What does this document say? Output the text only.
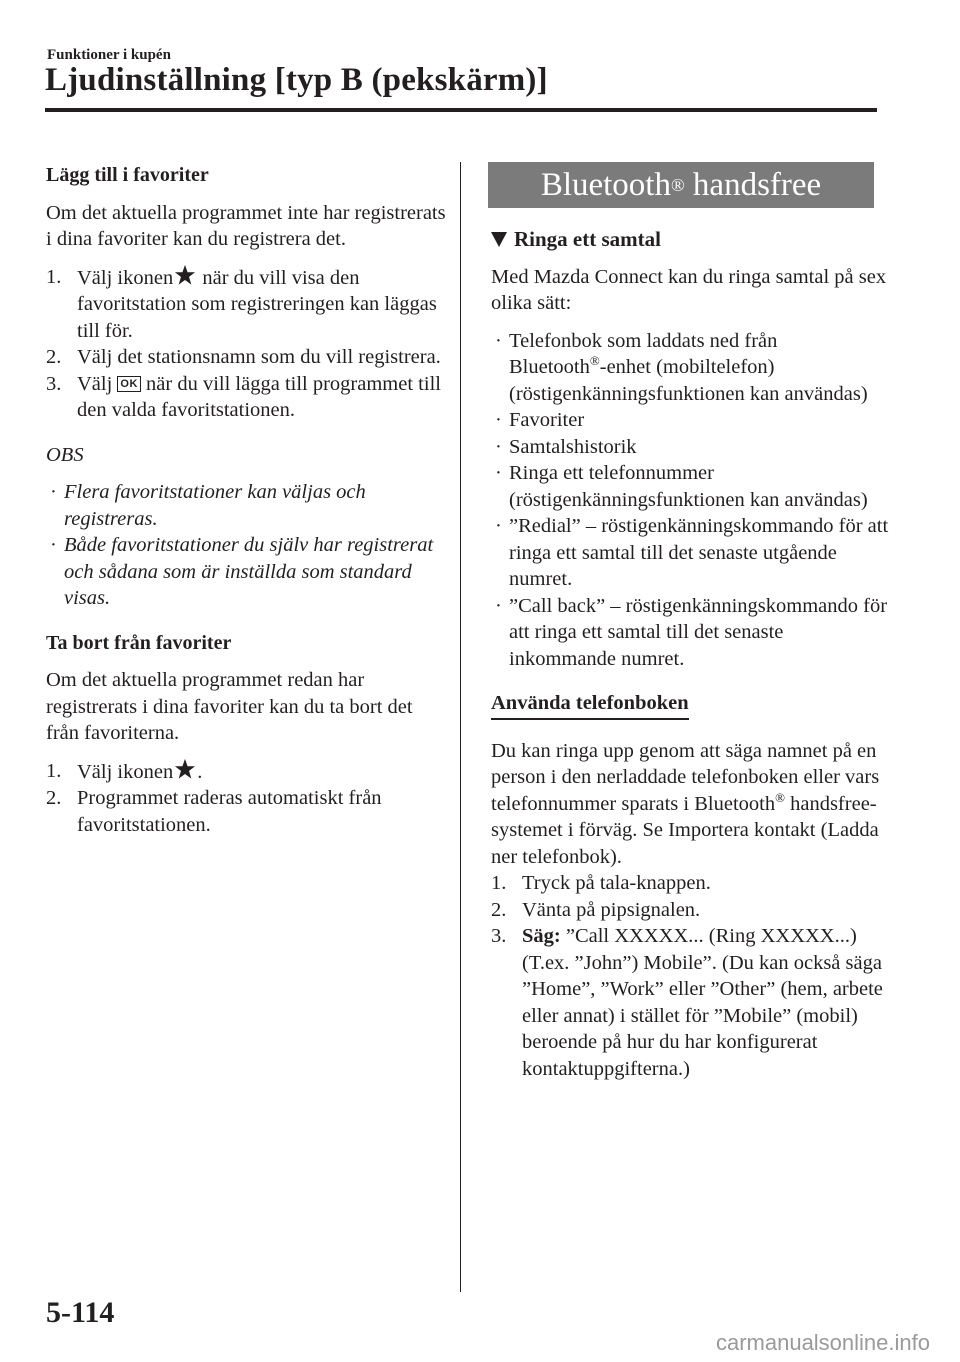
Funktioner i kupén
Ljudinställning [typ B (pekskärm)]

Lägg till i favoriter

Om det aktuella programmet inte har registrerats i dina favoriter kan du registrera det.

1. Välj ikonen när du vill visa den favoritstation som registreringen kan läggas till för.
2. Välj det stationsnamn som du vill registrera.
3. Välj OK när du vill lägga till programmet till den valda favoritstationen.

OBS

· Flera favoritstationer kan väljas och registreras.
· Både favoritstationer du själv har registrerat och sådana som är inställda som standard visas.

Ta bort från favoriter

Om det aktuella programmet redan har registrerats i dina favoriter kan du ta bort det från favoriterna.

1. Välj ikonen .
2. Programmet raderas automatiskt från favoritstationen.
Bluetooth ® handsfree
Ringa ett samtal

Med Mazda Connect kan du ringa samtal på sex olika sätt:

· Telefonbok som laddats ned från
Bluetooth®-enhet (mobiltelefon) (röstigenkänningsfunktionen kan användas)
· Favoriter
· Samtalshistorik
· Ringa ett telefonnummer (röstigenkänningsfunktionen kan användas)
· ”Redial” – röstigenkänningskommando för att ringa ett samtal till det senaste utgående numret.
· ”Call back” – röstigenkänningskommando för att ringa ett samtal till det senaste inkommande numret.
Använda telefonboken

Du kan ringa upp genom att säga namnet på en person i den nerladdade telefonboken eller vars telefonnummer sparats i Bluetooth® handsfree-systemet i förväg. Se Importera kontakt (Ladda ner telefonbok).

1. Tryck på tala-knappen.
2. Vänta på pipsignalen.
3. Säg: ”Call XXXXX... (Ring XXXXX...) (T.ex. ”John”) Mobile”. (Du kan också säga ”Home”, ”Work” eller ”Other” (hem, arbete eller annat) i stället för ”Mobile” (mobil) beroende på hur du har konfigurerat kontaktuppgifterna.)
5-114
carmanualsonline.info
